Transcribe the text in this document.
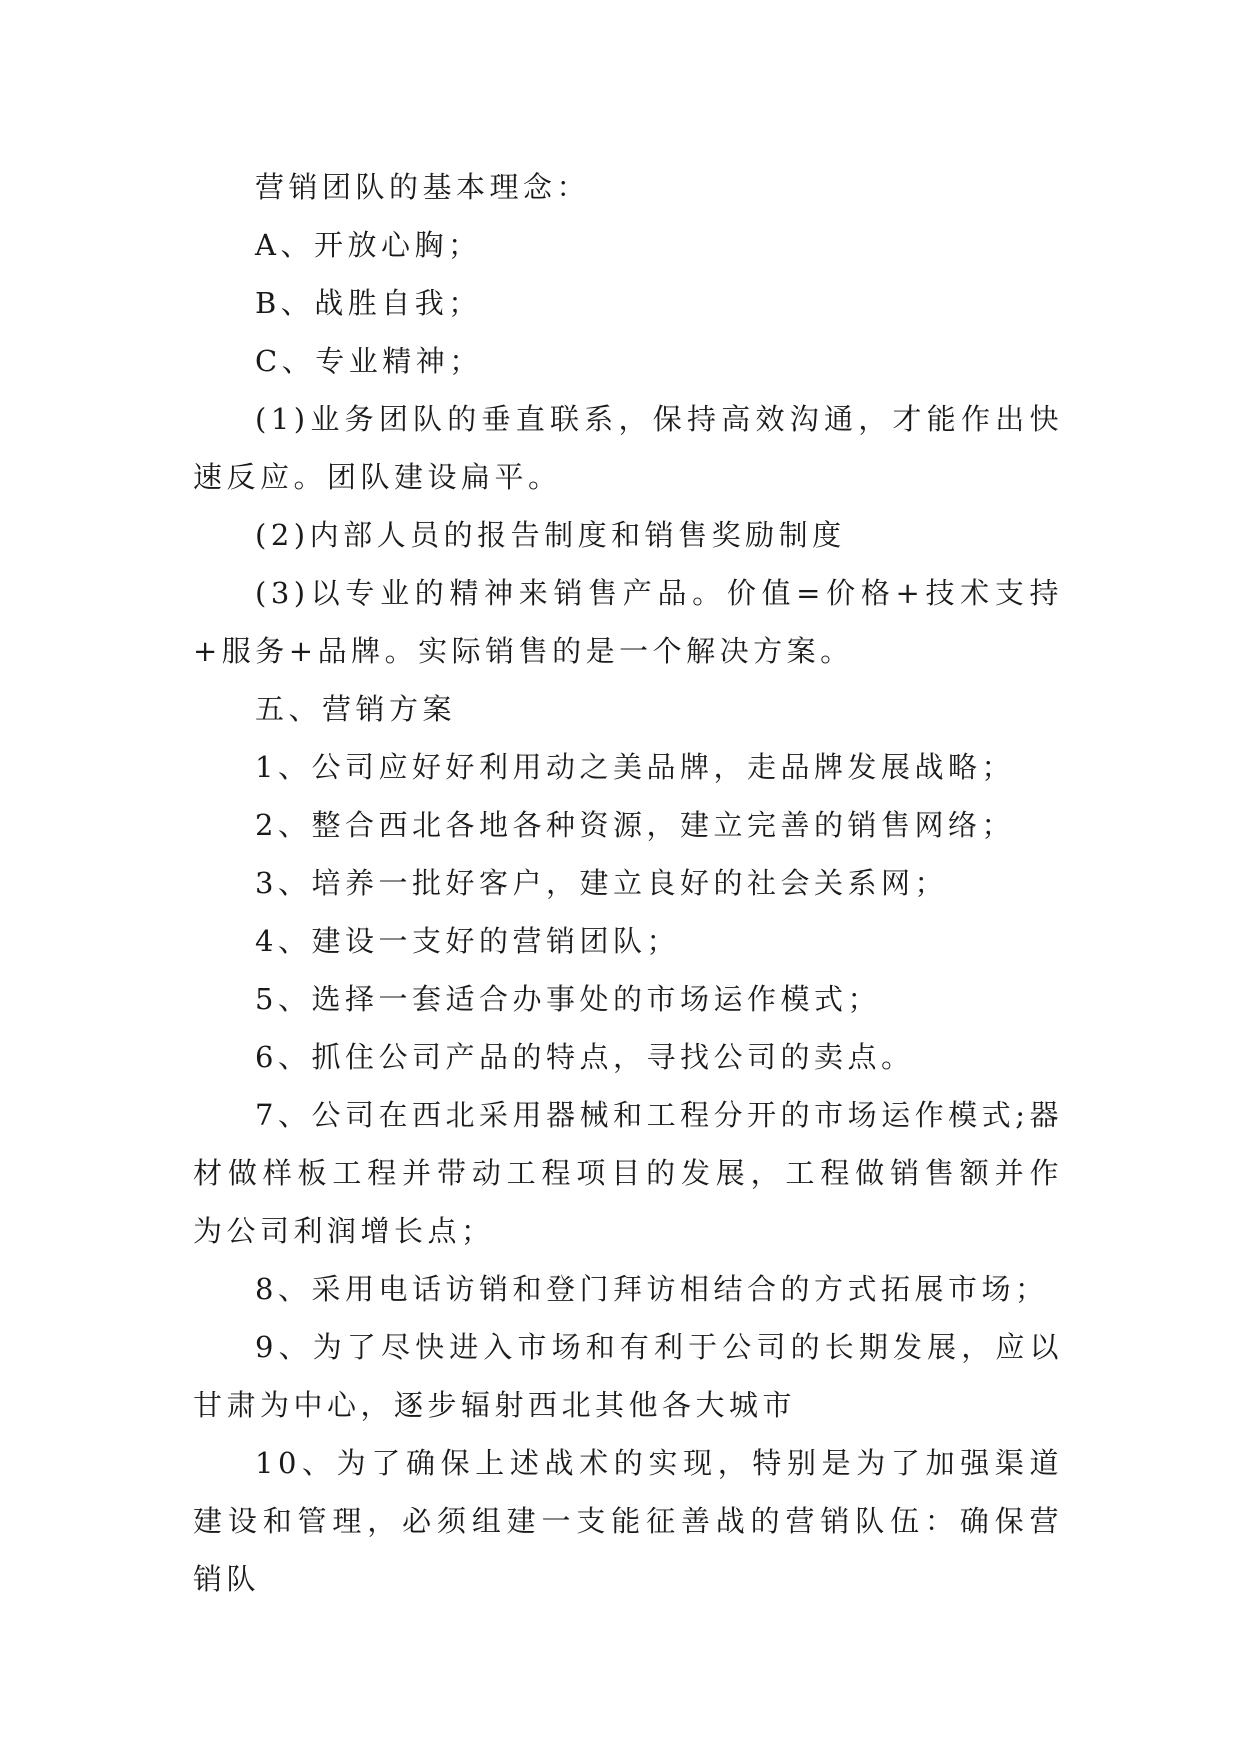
营销团队的基本理念：

A、开放心胸；

B、战胜自我；

C、专业精神；

(1)业务团队的垂直联系，保持高效沟通，才能作出快速反应。团队建设扁平。

(2)内部人员的报告制度和销售奖励制度

(3)以专业的精神来销售产品。价值=价格+技术支持+服务+品牌。实际销售的是一个解决方案。

五、营销方案

1、公司应好好利用动之美品牌，走品牌发展战略；

2、整合西北各地各种资源，建立完善的销售网络；

3、培养一批好客户，建立良好的社会关系网；

4、建设一支好的营销团队；

5、选择一套适合办事处的市场运作模式；

6、抓住公司产品的特点，寻找公司的卖点。

7、公司在西北采用器械和工程分开的市场运作模式;器材做样板工程并带动工程项目的发展，工程做销售额并作为公司利润增长点；

8、采用电话访销和登门拜访相结合的方式拓展市场；

9、为了尽快进入市场和有利于公司的长期发展，应以甘肃为中心，逐步辐射西北其他各大城市

10、为了确保上述战术的实现，特别是为了加强渠道建设和管理，必须组建一支能征善战的营销队伍：确保营销队
